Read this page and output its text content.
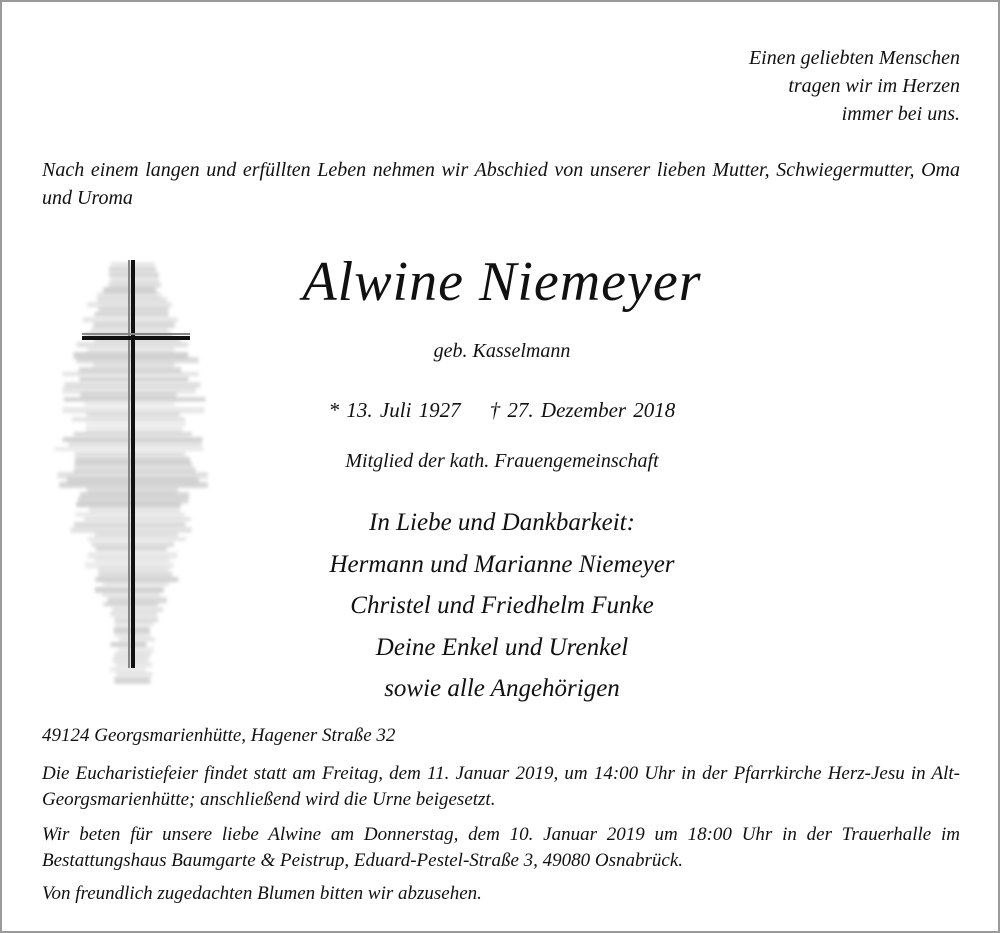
Einen geliebten Menschen
tragen wir im Herzen
immer bei uns.
Nach einem langen und erfüllten Leben nehmen wir Abschied von unserer lieben Mutter, Schwiegermutter, Oma und Uroma
Alwine Niemeyer
geb. Kasselmann
* 13. Juli 1927 † 27. Dezember 2018
Mitglied der kath. Frauengemeinschaft
In Liebe und Dankbarkeit:
Hermann und Marianne Niemeyer
Christel und Friedhelm Funke
Deine Enkel und Urenkel
sowie alle Angehörigen
49124 Georgsmarienhütte, Hagener Straße 32
Die Eucharistiefeier findet statt am Freitag, dem 11. Januar 2019, um 14:00 Uhr in der Pfarrkirche Herz-Jesu in Alt-Georgsmarienhütte; anschließend wird die Urne beigesetzt.
Wir beten für unsere liebe Alwine am Donnerstag, dem 10. Januar 2019 um 18:00 Uhr in der Trauerhalle im Bestattungshaus Baumgarte & Peistrup, Eduard-Pestel-Straße 3, 49080 Osnabrück.
Von freundlich zugedachten Blumen bitten wir abzusehen.
